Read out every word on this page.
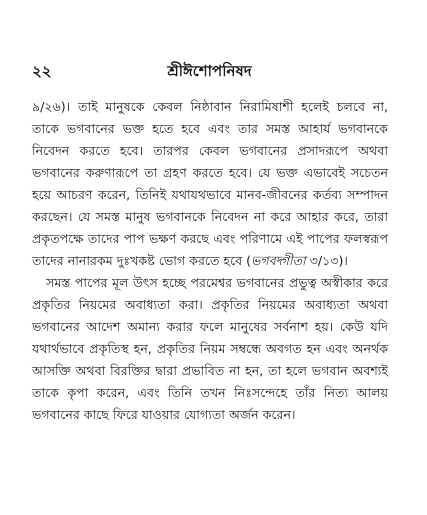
২২	শ্রীঈশোপনিষদ

৯/২৬)। তাই মানুষকে কেবল নিষ্ঠাবান নিরামিষাশী হলেই চলবে না, তাকে ভগবানের ভক্ত হতে হবে এবং তার সমস্ত আহার্য ভগবানকে নিবেদন করতে হবে। তারপর কেবল ভগবানের প্রসাদরূপে অথবা ভগবানের করুণারূপে তা গ্রহণ করতে হবে। যে ভক্ত এভাবেই সচেতন হয়ে আচরণ করেন, তিনিই যথাযথভাবে মানব-জীবনের কর্তব্য সম্পাদন করছেন। যে সমস্ত মানুষ ভগবানকে নিবেদন না করে আহার করে, তারা প্রকৃতপক্ষে তাদের পাপ ভক্ষণ করছে এবং পরিণামে এই পাপের ফলস্বরূপ তাদের নানারকম দুঃখকষ্ট ভোগ করতে হবে (ভগবদ্গীতা ৩/১৩)।

সমস্ত পাপের মূল উৎস হচ্ছে পরমেশ্বর ভগবানের প্রভুত্ব অস্বীকার করে প্রকৃতির নিয়মের অবাধ্যতা করা। প্রকৃতির নিয়মের অবাধ্যতা অথবা ভগবানের আদেশ অমান্য করার ফলে মানুষের সর্বনাশ হয়। কেউ যদি যথার্থভাবে প্রকৃতিস্থ হন, প্রকৃতির নিয়ম সম্বন্ধে অবগত হন এবং অনর্থক আসক্তি অথবা বিরক্তির দ্বারা প্রভাবিত না হন, তা হলে ভগবান অবশ্যই তাকে কৃপা করেন, এবং তিনি তখন নিঃসন্দেহে তাঁর নিত্য আলয় ভগবানের কাছে ফিরে যাওয়ার যোগ্যতা অর্জন করেন।
